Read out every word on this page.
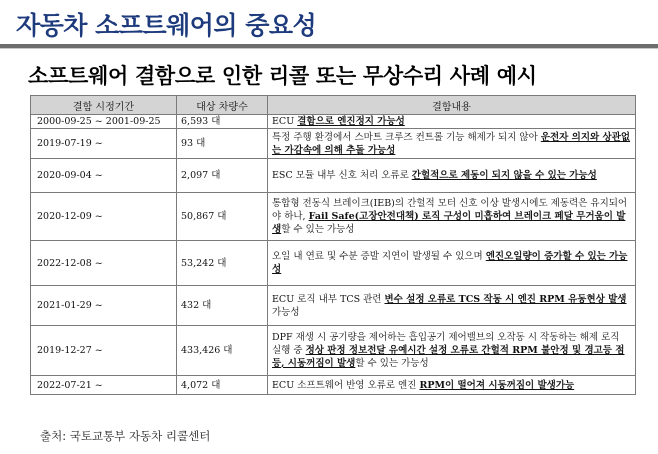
자동차 소프트웨어의 중요성
소프트웨어 결함으로 인한 리콜 또는 무상수리 사례 예시
결함 시정기간	대상 차량수	결함내용
2000-09-25 ~ 2001-09-25	6,593 대	ECU 결함으로 엔진정지 가능성
2019-07-19 ~	93 대	특정 주행 환경에서 스마트 크루즈 컨트롤 기능 해제가 되지 않아 운전자 의지와 상관없는 가감속에 의해 추돌 가능성
2020-09-04 ~	2,097 대	ESC 모듈 내부 신호 처리 오류로 간헐적으로 제동이 되지 않을 수 있는 가능성
2020-12-09 ~	50,867 대	통합형 전동식 브레이크(IEB)의 간헐적 모터 신호 이상 발생시에도 제동력은 유지되어야 하나, Fail Safe(고장안전대책) 로직 구성이 미흡하여 브레이크 페달 무거움이 발생할 수 있는 가능성
2022-12-08 ~	53,242 대	오일 내 연료 및 수분 증발 지연이 발생될 수 있으며 엔진오일량이 증가할 수 있는 가능성
2021-01-29 ~	432 대	ECU 로직 내부 TCS 관련 변수 설정 오류로 TCS 작동 시 엔진 RPM 유동현상 발생 가능성
2019-12-27 ~	433,426 대	DPF 재생 시 공기량을 제어하는 흡입공기 제어밸브의 오작동 시 작동하는 해제 로직 실행 중 정상 판정 정보전달 유예시간 설정 오류로 간헐적 RPM 불안정 및 경고등 점등, 시동꺼짐이 발생할 수 있는 가능성
2022-07-21 ~	4,072 대	ECU 소프트웨어 반영 오류로 엔진 RPM이 떨어져 시동꺼짐이 발생가능
출처: 국토교통부 자동차 리콜센터
